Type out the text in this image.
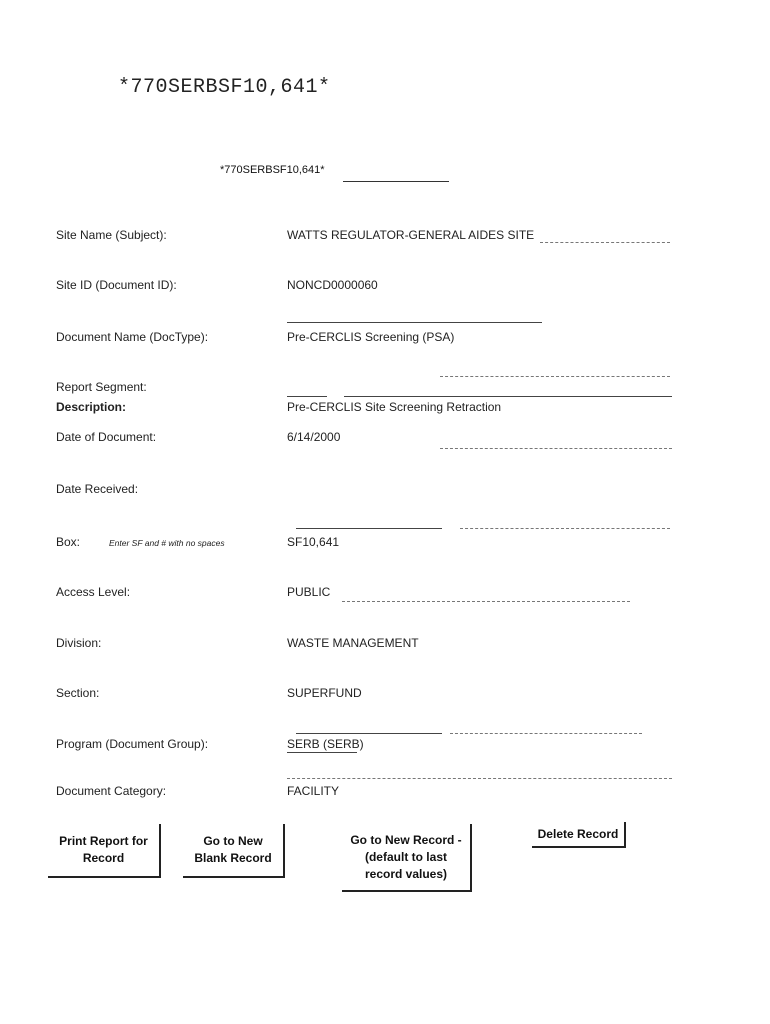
*770SERBSF10,641*
*770SERBSF10,641*
Site Name (Subject):	WATTS REGULATOR-GENERAL AIDES SITE
Site ID (Document ID):	NONCD0000060
Document Name (DocType):	Pre-CERCLIS Screening (PSA)
Report Segment:
Description:	Pre-CERCLIS Site Screening Retraction
Date of Document:	6/14/2000
Date Received:
Box:	Enter SF and # with no spaces	SF10,641
Access Level:	PUBLIC
Division:	WASTE MANAGEMENT
Section:	SUPERFUND
Program (Document Group):	SERB (SERB)
Document Category:	FACILITY
Print Report for Record
Go to New Blank Record
Go to New Record - (default to last record values)
Delete Record
